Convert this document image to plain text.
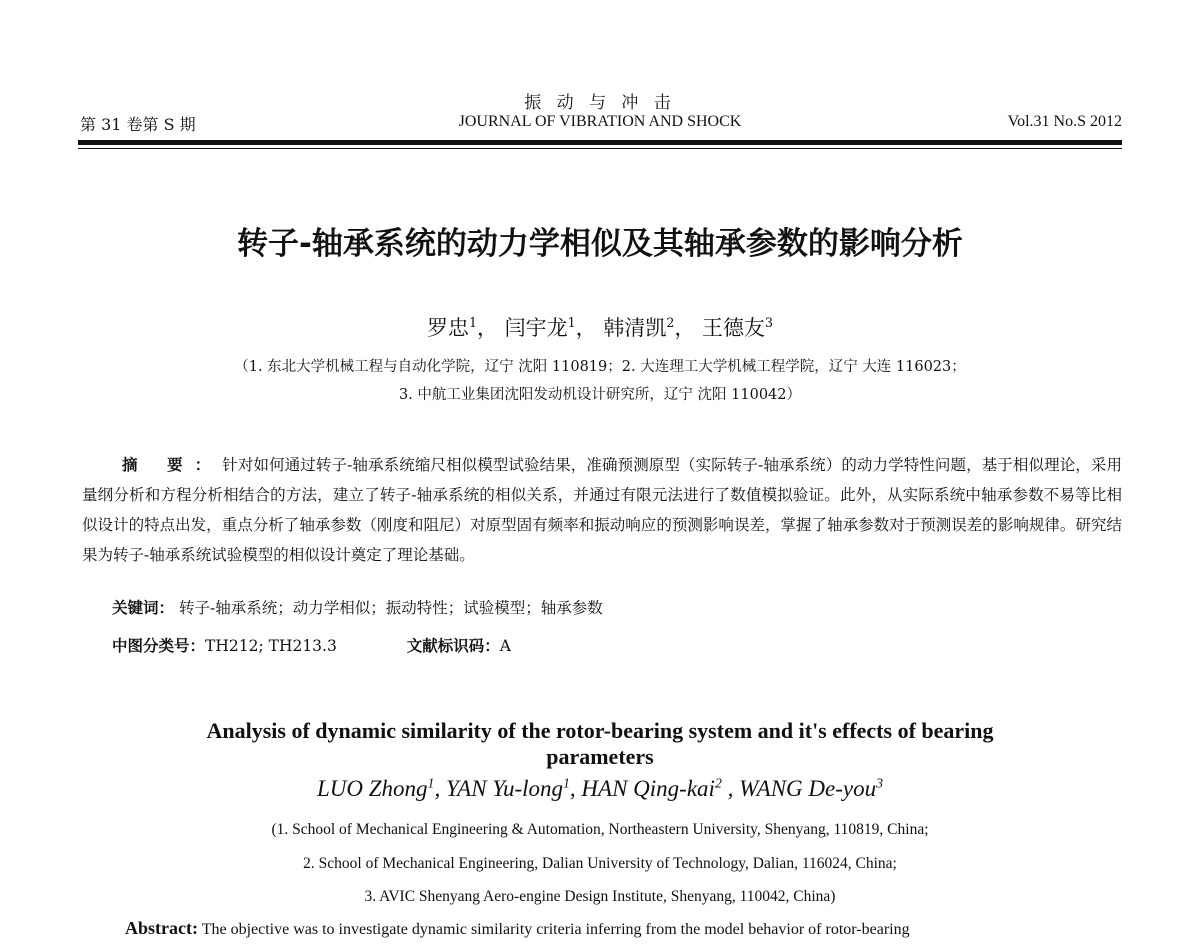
振 动 与 冲 击
第 31 卷第 S 期	JOURNAL OF VIBRATION AND SHOCK	Vol.31 No.S 2012
转子-轴承系统的动力学相似及其轴承参数的影响分析
罗忠$^1$， 闫宇龙$^1$， 韩清凯$^2$， 王德友$^3$
（1. 东北大学机械工程与自动化学院，辽宁 沈阳 110819；2. 大连理工大学机械工程学院，辽宁 大连 116023；
3. 中航工业集团沈阳发动机设计研究所，辽宁 沈阳 110042）
摘 要：针对如何通过转子-轴承系统缩尺相似模型试验结果，准确预测原型（实际转子-轴承系统）的动力学特性问题，基于相似理论，采用量纲分析和方程分析相结合的方法，建立了转子-轴承系统的相似关系，并通过有限元法进行了数值模拟验证。此外，从实际系统中轴承参数不易等比相似设计的特点出发，重点分析了轴承参数（刚度和阻尼）对原型固有频率和振动响应的预测影响误差，掌握了轴承参数对于预测误差的影响规律。研究结果为转子-轴承系统试验模型的相似设计奠定了理论基础。
关键词： 转子-轴承系统；动力学相似；振动特性；试验模型；轴承参数
中图分类号：TH212; TH213.3	文献标识码：A
Analysis of dynamic similarity of the rotor-bearing system and it's effects of bearing parameters
LUO Zhong$^1$, YAN Yu-long$^1$, HAN Qing-kai$^2$ , WANG De-you$^3$
(1. School of Mechanical Engineering & Automation, Northeastern University, Shenyang, 110819, China;
2. School of Mechanical Engineering, Dalian University of Technology, Dalian, 116024, China;
3. AVIC Shenyang Aero-engine Design Institute, Shenyang, 110042, China)
Abstract: The objective was to investigate dynamic similarity criteria inferring from the model behavior of rotor-bearing
